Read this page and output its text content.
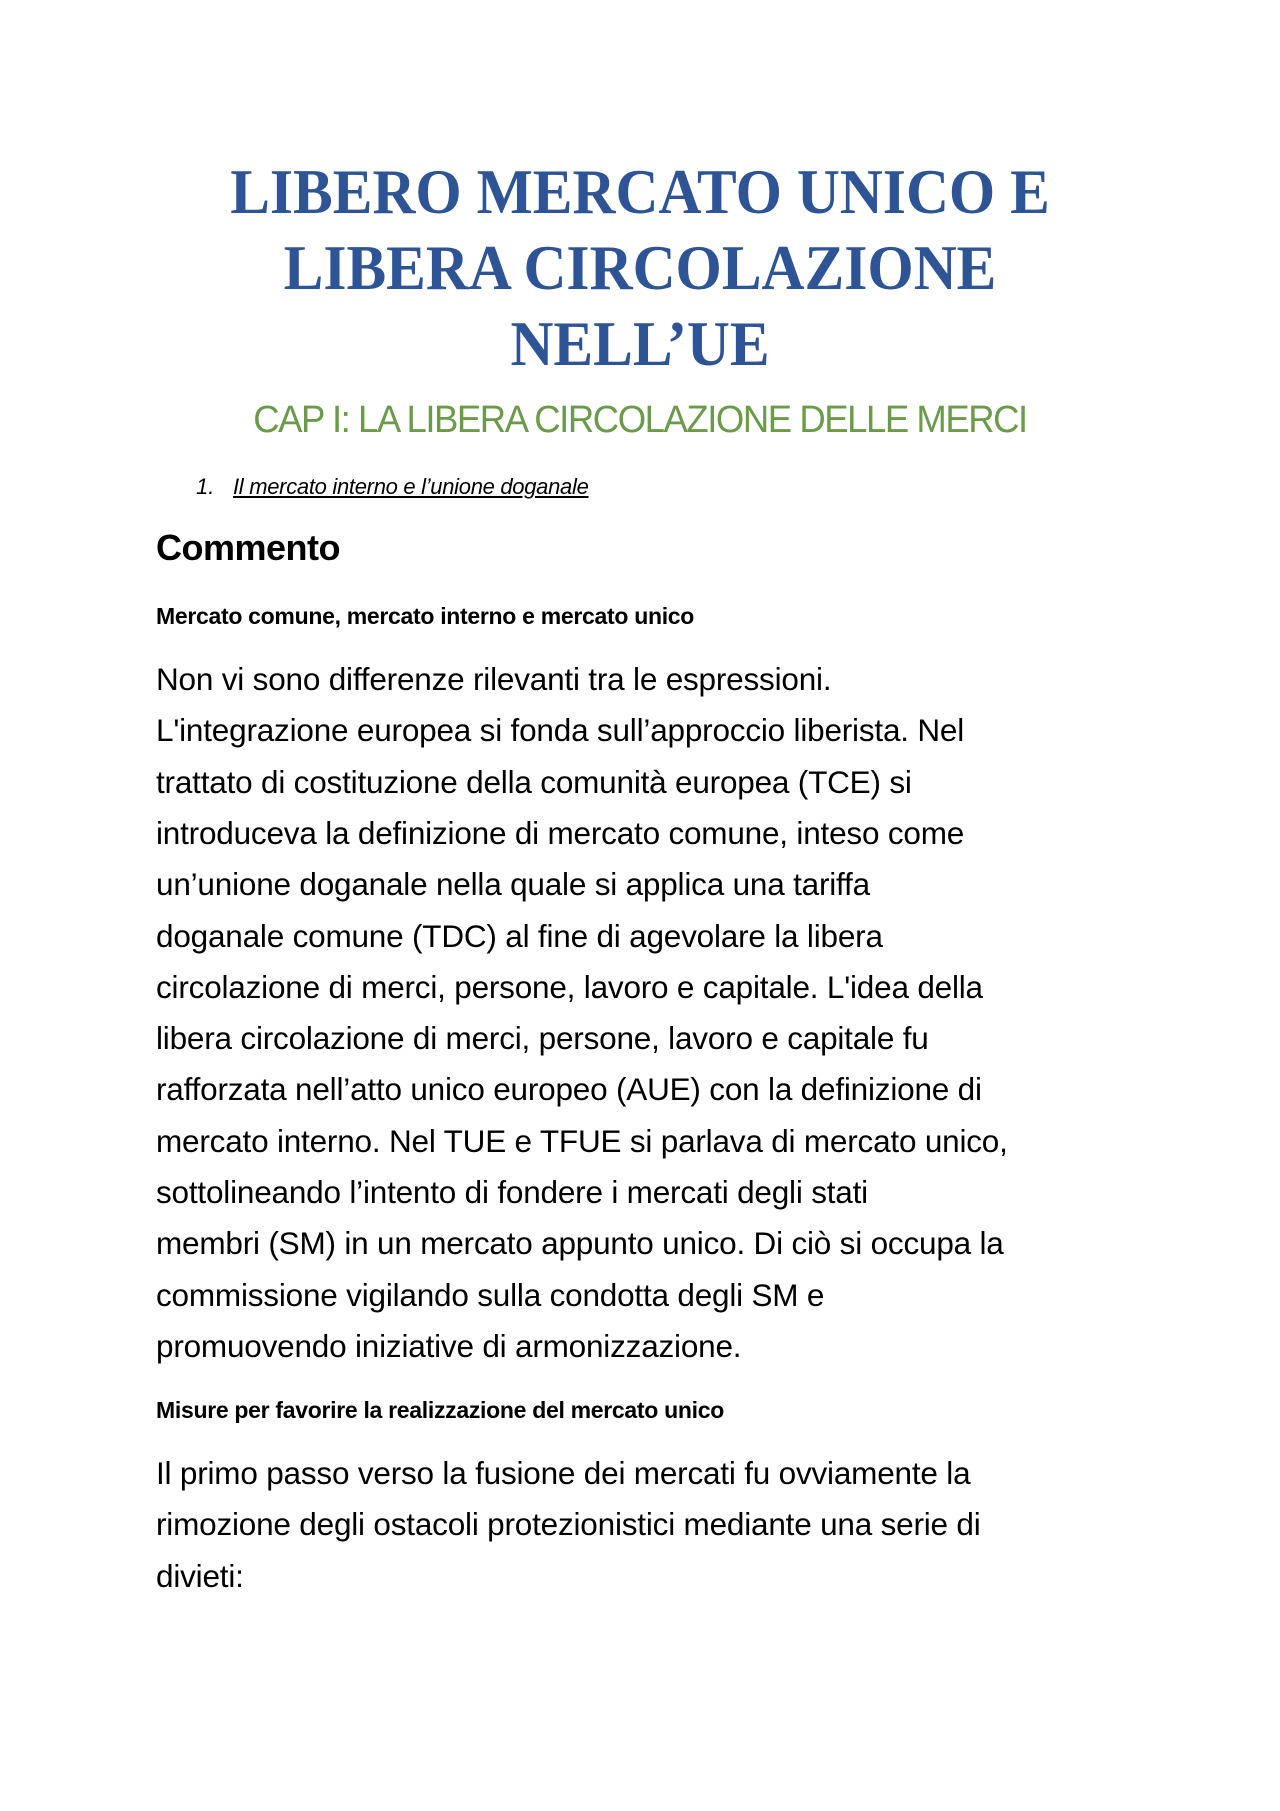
LIBERO MERCATO UNICO E
LIBERA CIRCOLAZIONE
NELL’UE
CAP I: LA LIBERA CIRCOLAZIONE DELLE MERCI
1. Il mercato interno e l’unione doganale
Commento
Mercato comune, mercato interno e mercato unico
Non vi sono differenze rilevanti tra le espressioni.
L'integrazione europea si fonda sull’approccio liberista. Nel
trattato di costituzione della comunità europea (TCE) si
introduceva la definizione di mercato comune, inteso come
un’unione doganale nella quale si applica una tariffa
doganale comune (TDC) al fine di agevolare la libera
circolazione di merci, persone, lavoro e capitale. L'idea della
libera circolazione di merci, persone, lavoro e capitale fu
rafforzata nell’atto unico europeo (AUE) con la definizione di
mercato interno. Nel TUE e TFUE si parlava di mercato unico,
sottolineando l’intento di fondere i mercati degli stati
membri (SM) in un mercato appunto unico. Di ciò si occupa la
commissione vigilando sulla condotta degli SM e
promuovendo iniziative di armonizzazione.
Misure per favorire la realizzazione del mercato unico
Il primo passo verso la fusione dei mercati fu ovviamente la
rimozione degli ostacoli protezionistici mediante una serie di
divieti:
